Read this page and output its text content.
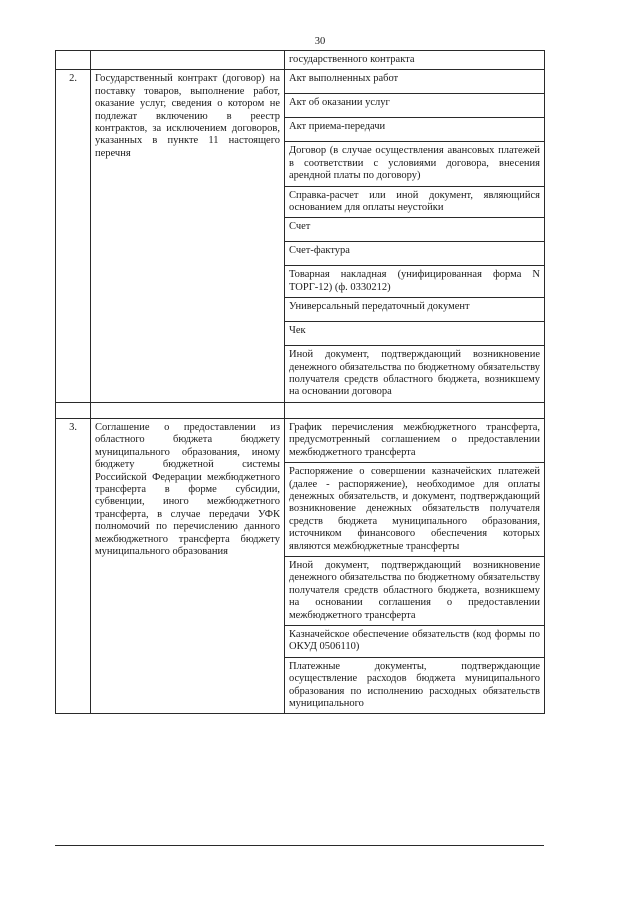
30
		государственного контракта
2.	Государственный контракт (договор) на поставку товаров, выполнение работ, оказание услуг, сведения о котором не подлежат включению в реестр контрактов, за исключением договоров, указанных в пункте 11 настоящего перечня	Акт выполненных работ
		Акт об оказании услуг
		Акт приема-передачи
		Договор (в случае осуществления авансовых платежей в соответствии с условиями договора, внесения арендной платы по договору)
		Справка-расчет или иной документ, являющийся основанием для оплаты неустойки
		Счет
		Счет-фактура
		Товарная накладная (унифицированная форма N ТОРГ-12) (ф. 0330212)
		Универсальный передаточный документ
		Чек
		Иной документ, подтверждающий возникновение денежного обязательства по бюджетному обязательству получателя средств областного бюджета, возникшему на основании договора

3.	Соглашение о предоставлении из областного бюджета бюджету муниципального образования, иному бюджету бюджетной системы Российской Федерации межбюджетного трансферта в форме субсидии, субвенции, иного межбюджетного трансферта, в случае передачи УФК полномочий по перечислению данного межбюджетного трансферта бюджету муниципального образования	График перечисления межбюджетного трансферта, предусмотренный соглашением о предоставлении межбюджетного трансферта
		Распоряжение о совершении казначейских платежей (далее - распоряжение), необходимое для оплаты денежных обязательств, и документ, подтверждающий возникновение денежных обязательств получателя средств бюджета муниципального образования, источником финансового обеспечения которых являются межбюджетные трансферты
		Иной документ, подтверждающий возникновение денежного обязательства по бюджетному обязательству получателя средств областного бюджета, возникшему на основании соглашения о предоставлении межбюджетного трансферта
		Казначейское обеспечение обязательств (код формы по ОКУД 0506110)
		Платежные документы, подтверждающие осуществление расходов бюджета муниципального образования по исполнению расходных обязательств муниципального
